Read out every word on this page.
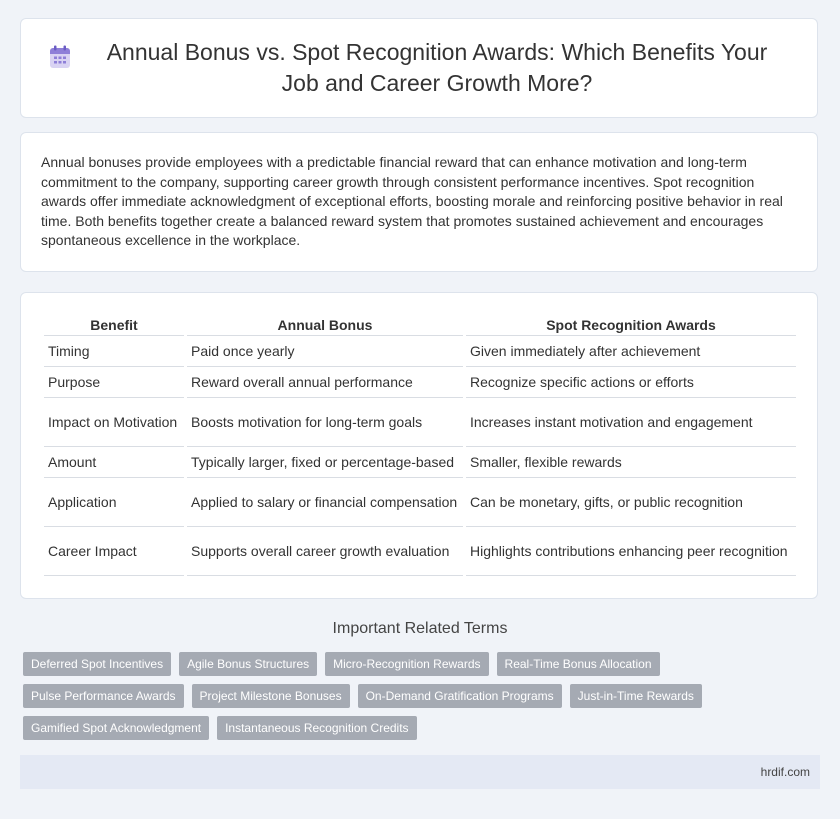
Annual Bonus vs. Spot Recognition Awards: Which Benefits Your Job and Career Growth More?

Annual bonuses provide employees with a predictable financial reward that can enhance motivation and long-term commitment to the company, supporting career growth through consistent performance incentives. Spot recognition awards offer immediate acknowledgment of exceptional efforts, boosting morale and reinforcing positive behavior in real time. Both benefits together create a balanced reward system that promotes sustained achievement and encourages spontaneous excellence in the workplace.

Benefit	Annual Bonus	Spot Recognition Awards
Timing	Paid once yearly	Given immediately after achievement
Purpose	Reward overall annual performance	Recognize specific actions or efforts
Impact on Motivation	Boosts motivation for long-term goals	Increases instant motivation and engagement
Amount	Typically larger, fixed or percentage-based	Smaller, flexible rewards
Application	Applied to salary or financial compensation	Can be monetary, gifts, or public recognition
Career Impact	Supports overall career growth evaluation	Highlights contributions enhancing peer recognition
Important Related Terms
Deferred Spot Incentives	Agile Bonus Structures	Micro-Recognition Rewards	Real-Time Bonus Allocation
Pulse Performance Awards	Project Milestone Bonuses	On-Demand Gratification Programs	Just-in-Time Rewards
Gamified Spot Acknowledgment	Instantaneous Recognition Credits
hrdif.com
